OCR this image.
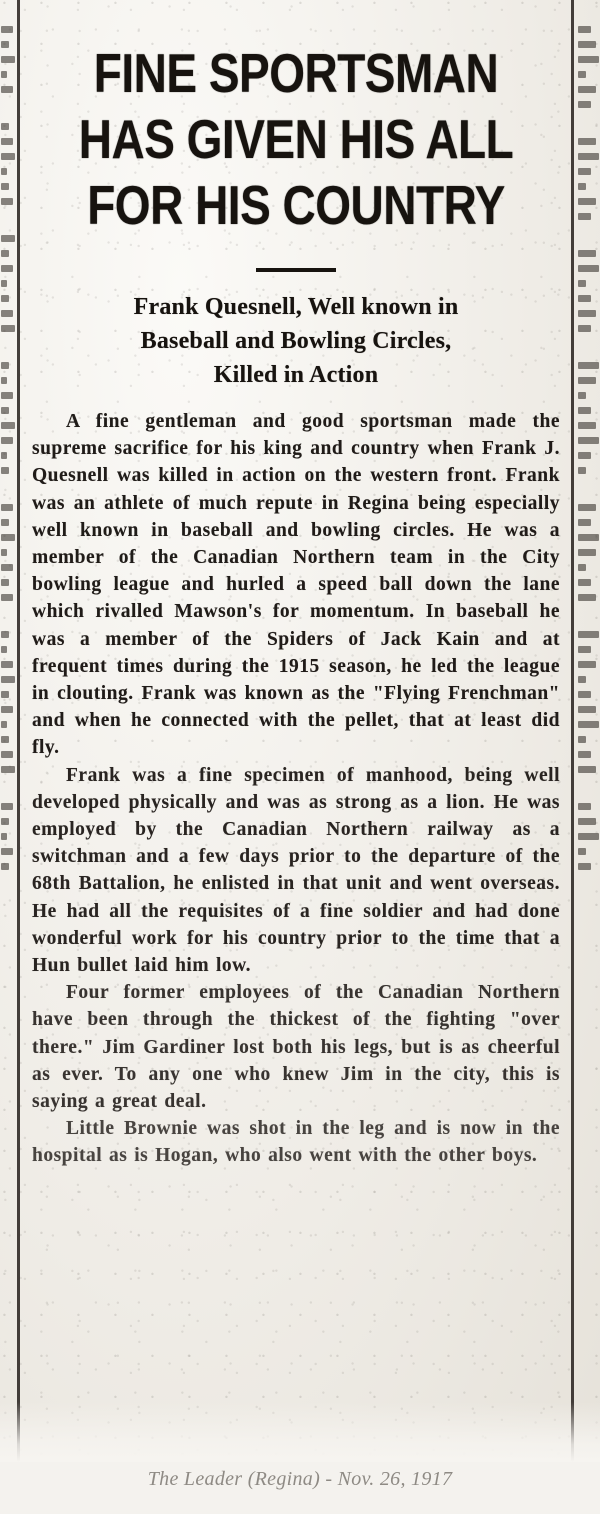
FINE SPORTSMAN
HAS GIVEN HIS ALL
FOR HIS COUNTRY
Frank Quesnell, Well known in
Baseball and Bowling Circles,
Killed in Action

A fine gentleman and good sportsman made the supreme sacrifice for his king and country when Frank J. Quesnell was killed in action on the western front. Frank was an athlete of much repute in Regina being especially well known in baseball and bowling circles. He was a member of the Canadian Northern team in the City bowling league and hurled a speed ball down the lane which rivalled Mawson's for momentum. In baseball he was a member of the Spiders of Jack Kain and at frequent times during the 1915 season, he led the league in clouting. Frank was known as the "Flying Frenchman" and when he connected with the pellet, that at least did fly.

Frank was a fine specimen of manhood, being well developed physically and was as strong as a lion. He was employed by the Canadian Northern railway as a switchman and a few days prior to the departure of the 68th Battalion, he enlisted in that unit and went overseas. He had all the requisites of a fine soldier and had done wonderful work for his country prior to the time that a Hun bullet laid him low.

Four former employees of the Canadian Northern have been through the thickest of the fighting "over there." Jim Gardiner lost both his legs, but is as cheerful as ever. To any one who knew Jim in the city, this is saying a great deal.

Little Brownie was shot in the leg and is now in the hospital as is Hogan, who also went with the other boys.

The Leader (Regina) - Nov. 26, 1917
